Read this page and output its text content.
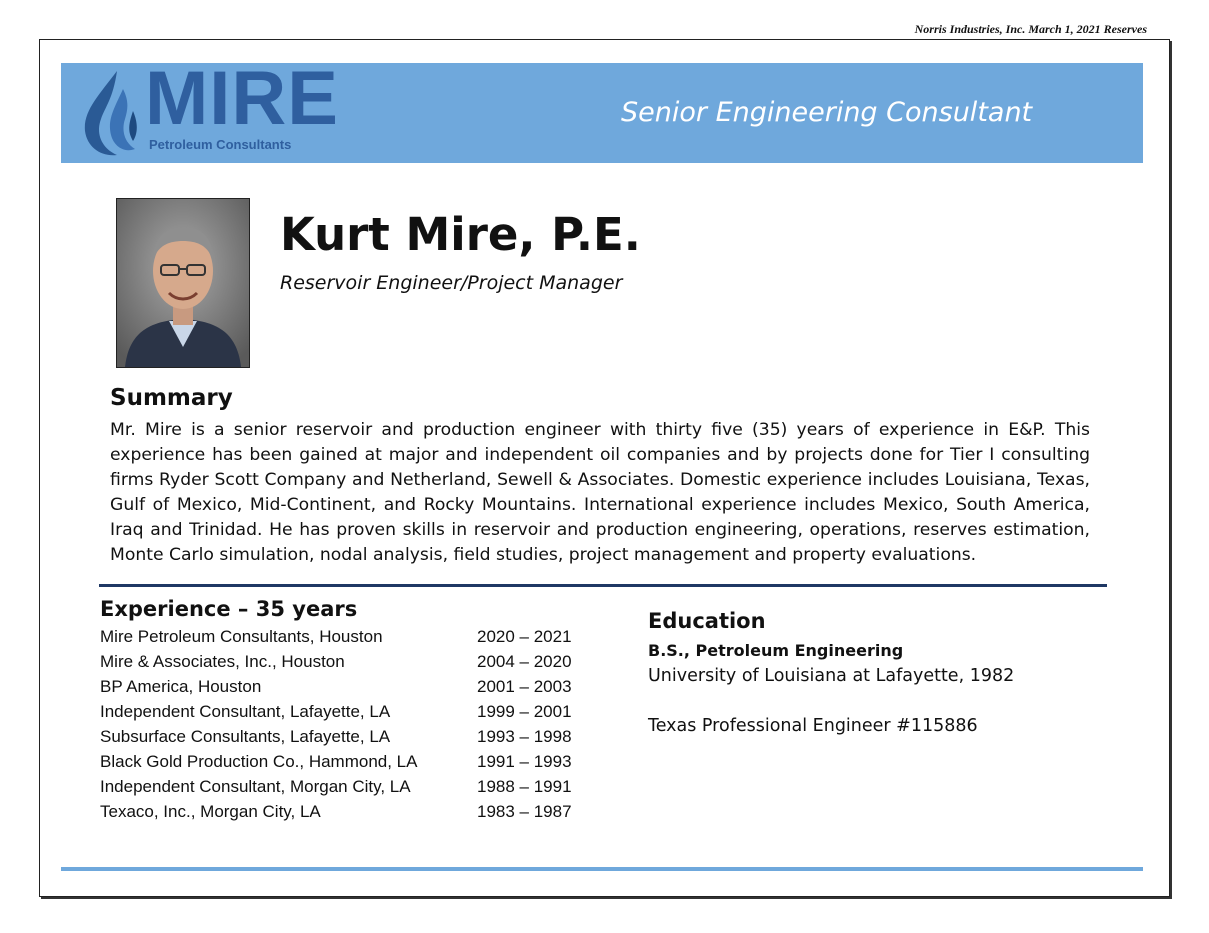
Norris Industries, Inc. March 1, 2021 Reserves
MIRE
Petroleum Consultants
Senior Engineering Consultant
Kurt Mire, P.E.
Reservoir Engineer/Project Manager
Summary
Mr. Mire is a senior reservoir and production engineer with thirty five (35) years of experience in E&P. This experience has been gained at major and independent oil companies and by projects done for Tier I consulting firms Ryder Scott Company and Netherland, Sewell & Associates. Domestic experience includes Louisiana, Texas, Gulf of Mexico, Mid-Continent, and Rocky Mountains. International experience includes Mexico, South America, Iraq and Trinidad. He has proven skills in reservoir and production engineering, operations, reserves estimation, Monte Carlo simulation, nodal analysis, field studies, project management and property evaluations.
Experience – 35 years
Mire Petroleum Consultants, Houston	2020 – 2021
Mire & Associates, Inc., Houston	2004 – 2020
BP America, Houston	2001 – 2003
Independent Consultant, Lafayette, LA	1999 – 2001
Subsurface Consultants, Lafayette, LA	1993 – 1998
Black Gold Production Co., Hammond, LA	1991 – 1993
Independent Consultant, Morgan City, LA	1988 – 1991
Texaco, Inc., Morgan City, LA	1983 – 1987
Education
B.S., Petroleum Engineering
University of Louisiana at Lafayette, 1982
Texas Professional Engineer #115886
